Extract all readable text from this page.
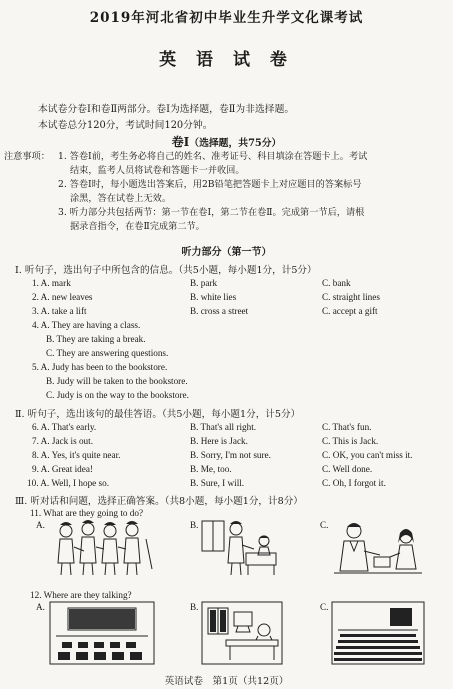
2019年河北省初中毕业生升学文化课考试
英 语 试 卷
本试卷分卷Ⅰ和卷Ⅱ两部分。卷Ⅰ为选择题，卷Ⅱ为非选择题。
本试卷总分120分，考试时间120分钟。
卷Ⅰ（选择题，共75分）
注意事项： 1. 答卷Ⅰ前，考生务必将自己的姓名、准考证号、科目填涂在答题卡上。考试
结束，监考人员将试卷和答题卡一并收回。
2. 答卷Ⅰ时，每小题选出答案后，用2B铅笔把答题卡上对应题目的答案标号
涂黑，答在试卷上无效。
3. 听力部分共包括两节：第一节在卷Ⅰ，第二节在卷Ⅱ。完成第一节后，请根
据录音指令，在卷Ⅱ完成第二节。
听力部分（第一节）
Ⅰ. 听句子，选出句子中所包含的信息。（共5小题，每小题1分，计5分）
1. A. mark	B. park	C. bank
2. A. new leaves	B. white lies	C. straight lines
3. A. take a lift	B. cross a street	C. accept a gift
4. A. They are having a class.
B. They are taking a break.
C. They are answering questions.
5. A. Judy has been to the bookstore.
B. Judy will be taken to the bookstore.
C. Judy is on the way to the bookstore.
Ⅱ. 听句子，选出该句的最佳答语。（共5小题，每小题1分，计5分）
6. A. That's early.	B. That's all right.	C. That's fun.
7. A. Jack is out.	B. Here is Jack.	C. This is Jack.
8. A. Yes, it's quite near.	B. Sorry, I'm not sure.	C. OK, you can't miss it.
9. A. Great idea!	B. Me, too.	C. Well done.
10. A. Well, I hope so.	B. Sure, I will.	C. Oh, I forgot it.
Ⅲ. 听对话和问题，选择正确答案。（共8小题，每小题1分，计8分）
11. What are they going to do?
A.	B.	C.
12. Where are they talking?
A.	B.	C.
英语试卷　第1页（共12页）
